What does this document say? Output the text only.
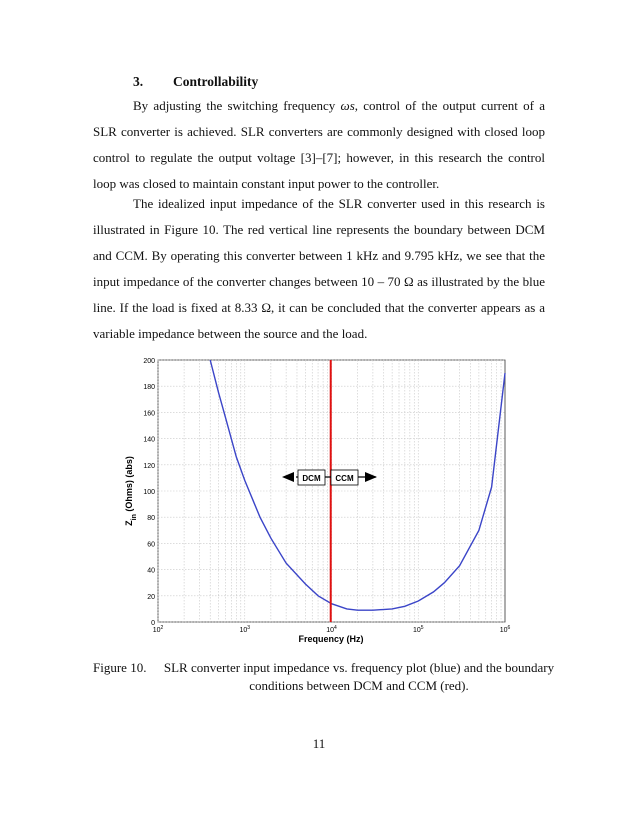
3. Controllability

By adjusting the switching frequency ωs, control of the output current of a SLR converter is achieved. SLR converters are commonly designed with closed loop control to regulate the output voltage [3]–[7]; however, in this research the control loop was closed to maintain constant input power to the controller.

The idealized input impedance of the SLR converter used in this research is illustrated in Figure 10. The red vertical line represents the boundary between DCM and CCM. By operating this converter between 1 kHz and 9.795 kHz, we see that the input impedance of the converter changes between 10 – 70 Ω as illustrated by the blue line. If the load is fixed at 8.33 Ω, it can be concluded that the converter appears as a variable impedance between the source and the load.

0
20
40
60
80
100
120
140
160
180
200
$10^2$	$10^3$	$10^4$	$10^5$	$10^6$
DCM CCM
Frequency (Hz)
$Z_{in}$ (Ohms) (abs)
Figure 10.	SLR converter input impedance vs. frequency plot (blue) and the boundary conditions between DCM and CCM (red).
11
